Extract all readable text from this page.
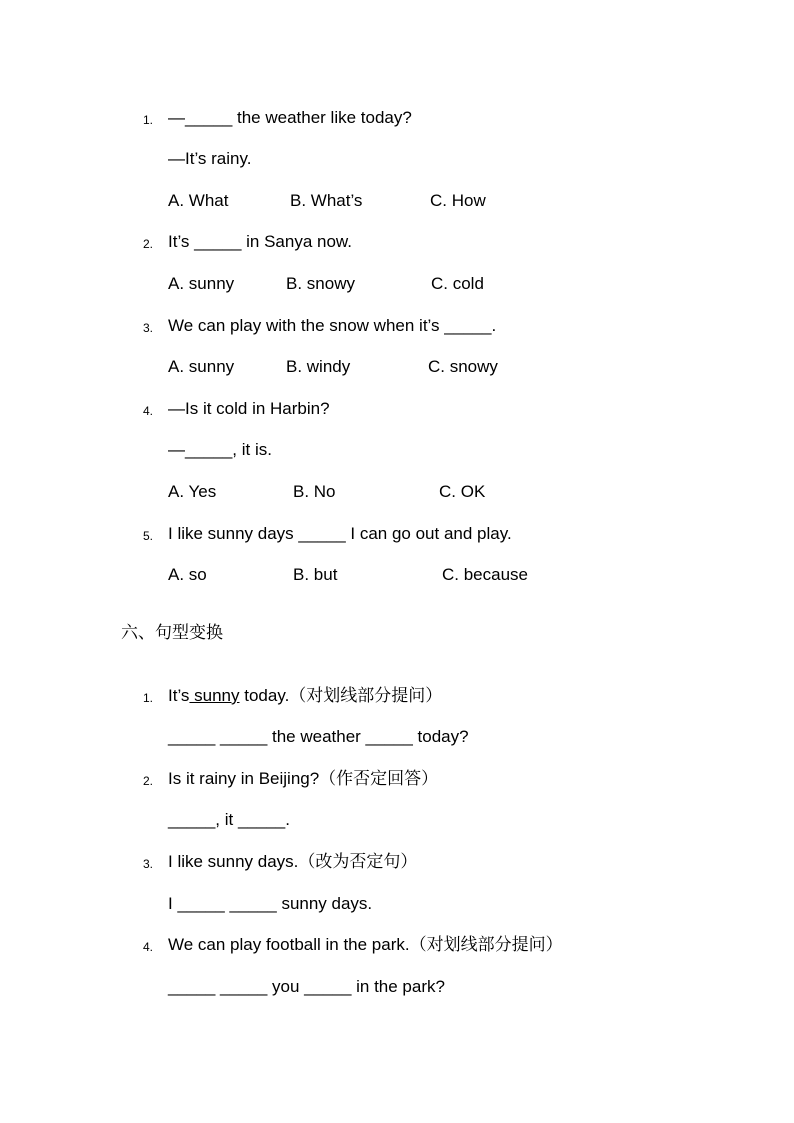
1. —_____ the weather like today?
—It’s rainy.
A. What	B. What’s	C. How
2. It’s _____ in Sanya now.
A. sunny	B. snowy	C. cold
3. We can play with the snow when it’s _____.
A. sunny	B. windy	C. snowy
4. —Is it cold in Harbin?
—_____, it is.
A. Yes	B. No	C. OK
5. I like sunny days _____ I can go out and play.
A. so	B. but	C. because
六、句型变换
1. It’s sunny today.（对划线部分提问）
_____ _____ the weather _____ today?
2. Is it rainy in Beijing?（作否定回答）
_____, it _____.
3. I like sunny days.（改为否定句）
I _____ _____ sunny days.
4. We can play football in the park.（对划线部分提问）
_____ _____ you _____ in the park?
